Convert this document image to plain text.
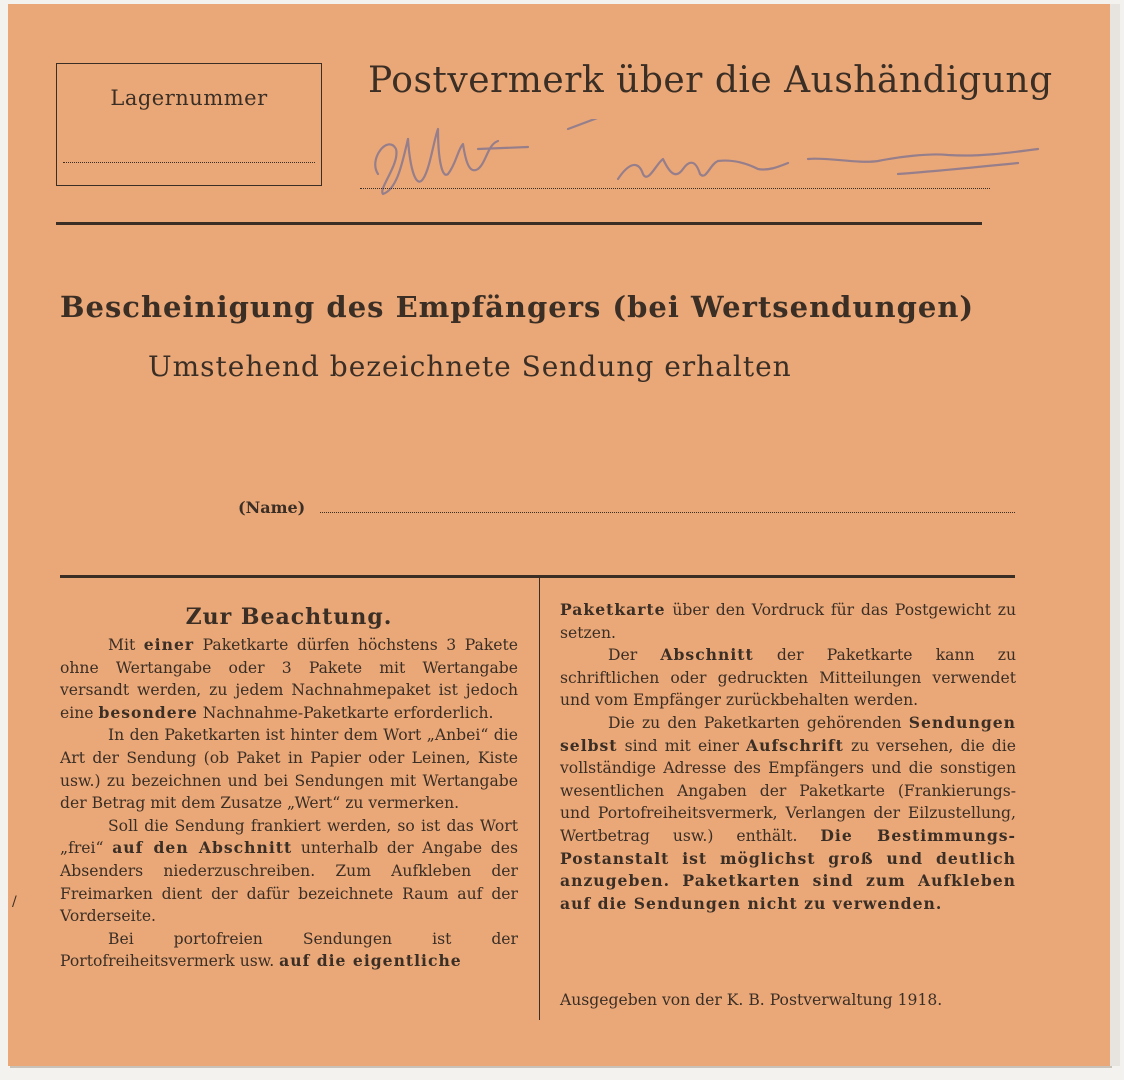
Lagernummer	Postvermerk über die Aushändigung
Bescheinigung des Empfängers (bei Wertsendungen)
Umstehend bezeichnete Sendung erhalten
(Name)
Zur Beachtung.

Mit einer Paketkarte dürfen höchstens 3 Pakete ohne Wertangabe oder 3 Pakete mit Wertangabe versandt werden, zu jedem Nachnahmepaket ist jedoch eine besondere Nachnahme-Paketkarte erforderlich.

In den Paketkarten ist hinter dem Wort „Anbei“ die Art der Sendung (ob Paket in Papier oder Leinen, Kiste usw.) zu bezeichnen und bei Sendungen mit Wertangabe der Betrag mit dem Zusatze „Wert“ zu vermerken.

Soll die Sendung frankiert werden, so ist das Wort „frei“ auf den Abschnitt unterhalb der Angabe des Absenders niederzuschreiben. Zum Aufkleben der Freimarken dient der dafür bezeichnete Raum auf der Vorderseite.

Bei portofreien Sendungen ist der Portofreiheitsvermerk usw. auf die eigentliche

Paketkarte über den Vordruck für das Postgewicht zu setzen.

Der Abschnitt der Paketkarte kann zu schriftlichen oder gedruckten Mitteilungen verwendet und vom Empfänger zurückbehalten werden.

Die zu den Paketkarten gehörenden Sendungen selbst sind mit einer Aufschrift zu versehen, die die vollständige Adresse des Empfängers und die sonstigen wesentlichen Angaben der Paketkarte (Frankierungs- und Portofreiheitsvermerk, Verlangen der Eilzustellung, Wertbetrag usw.) enthält. Die Bestimmungs-Postanstalt ist möglichst groß und deutlich anzugeben. Paketkarten sind zum Aufkleben auf die Sendungen nicht zu verwenden.

Ausgegeben von der K. B. Postverwaltung 1918.
/
